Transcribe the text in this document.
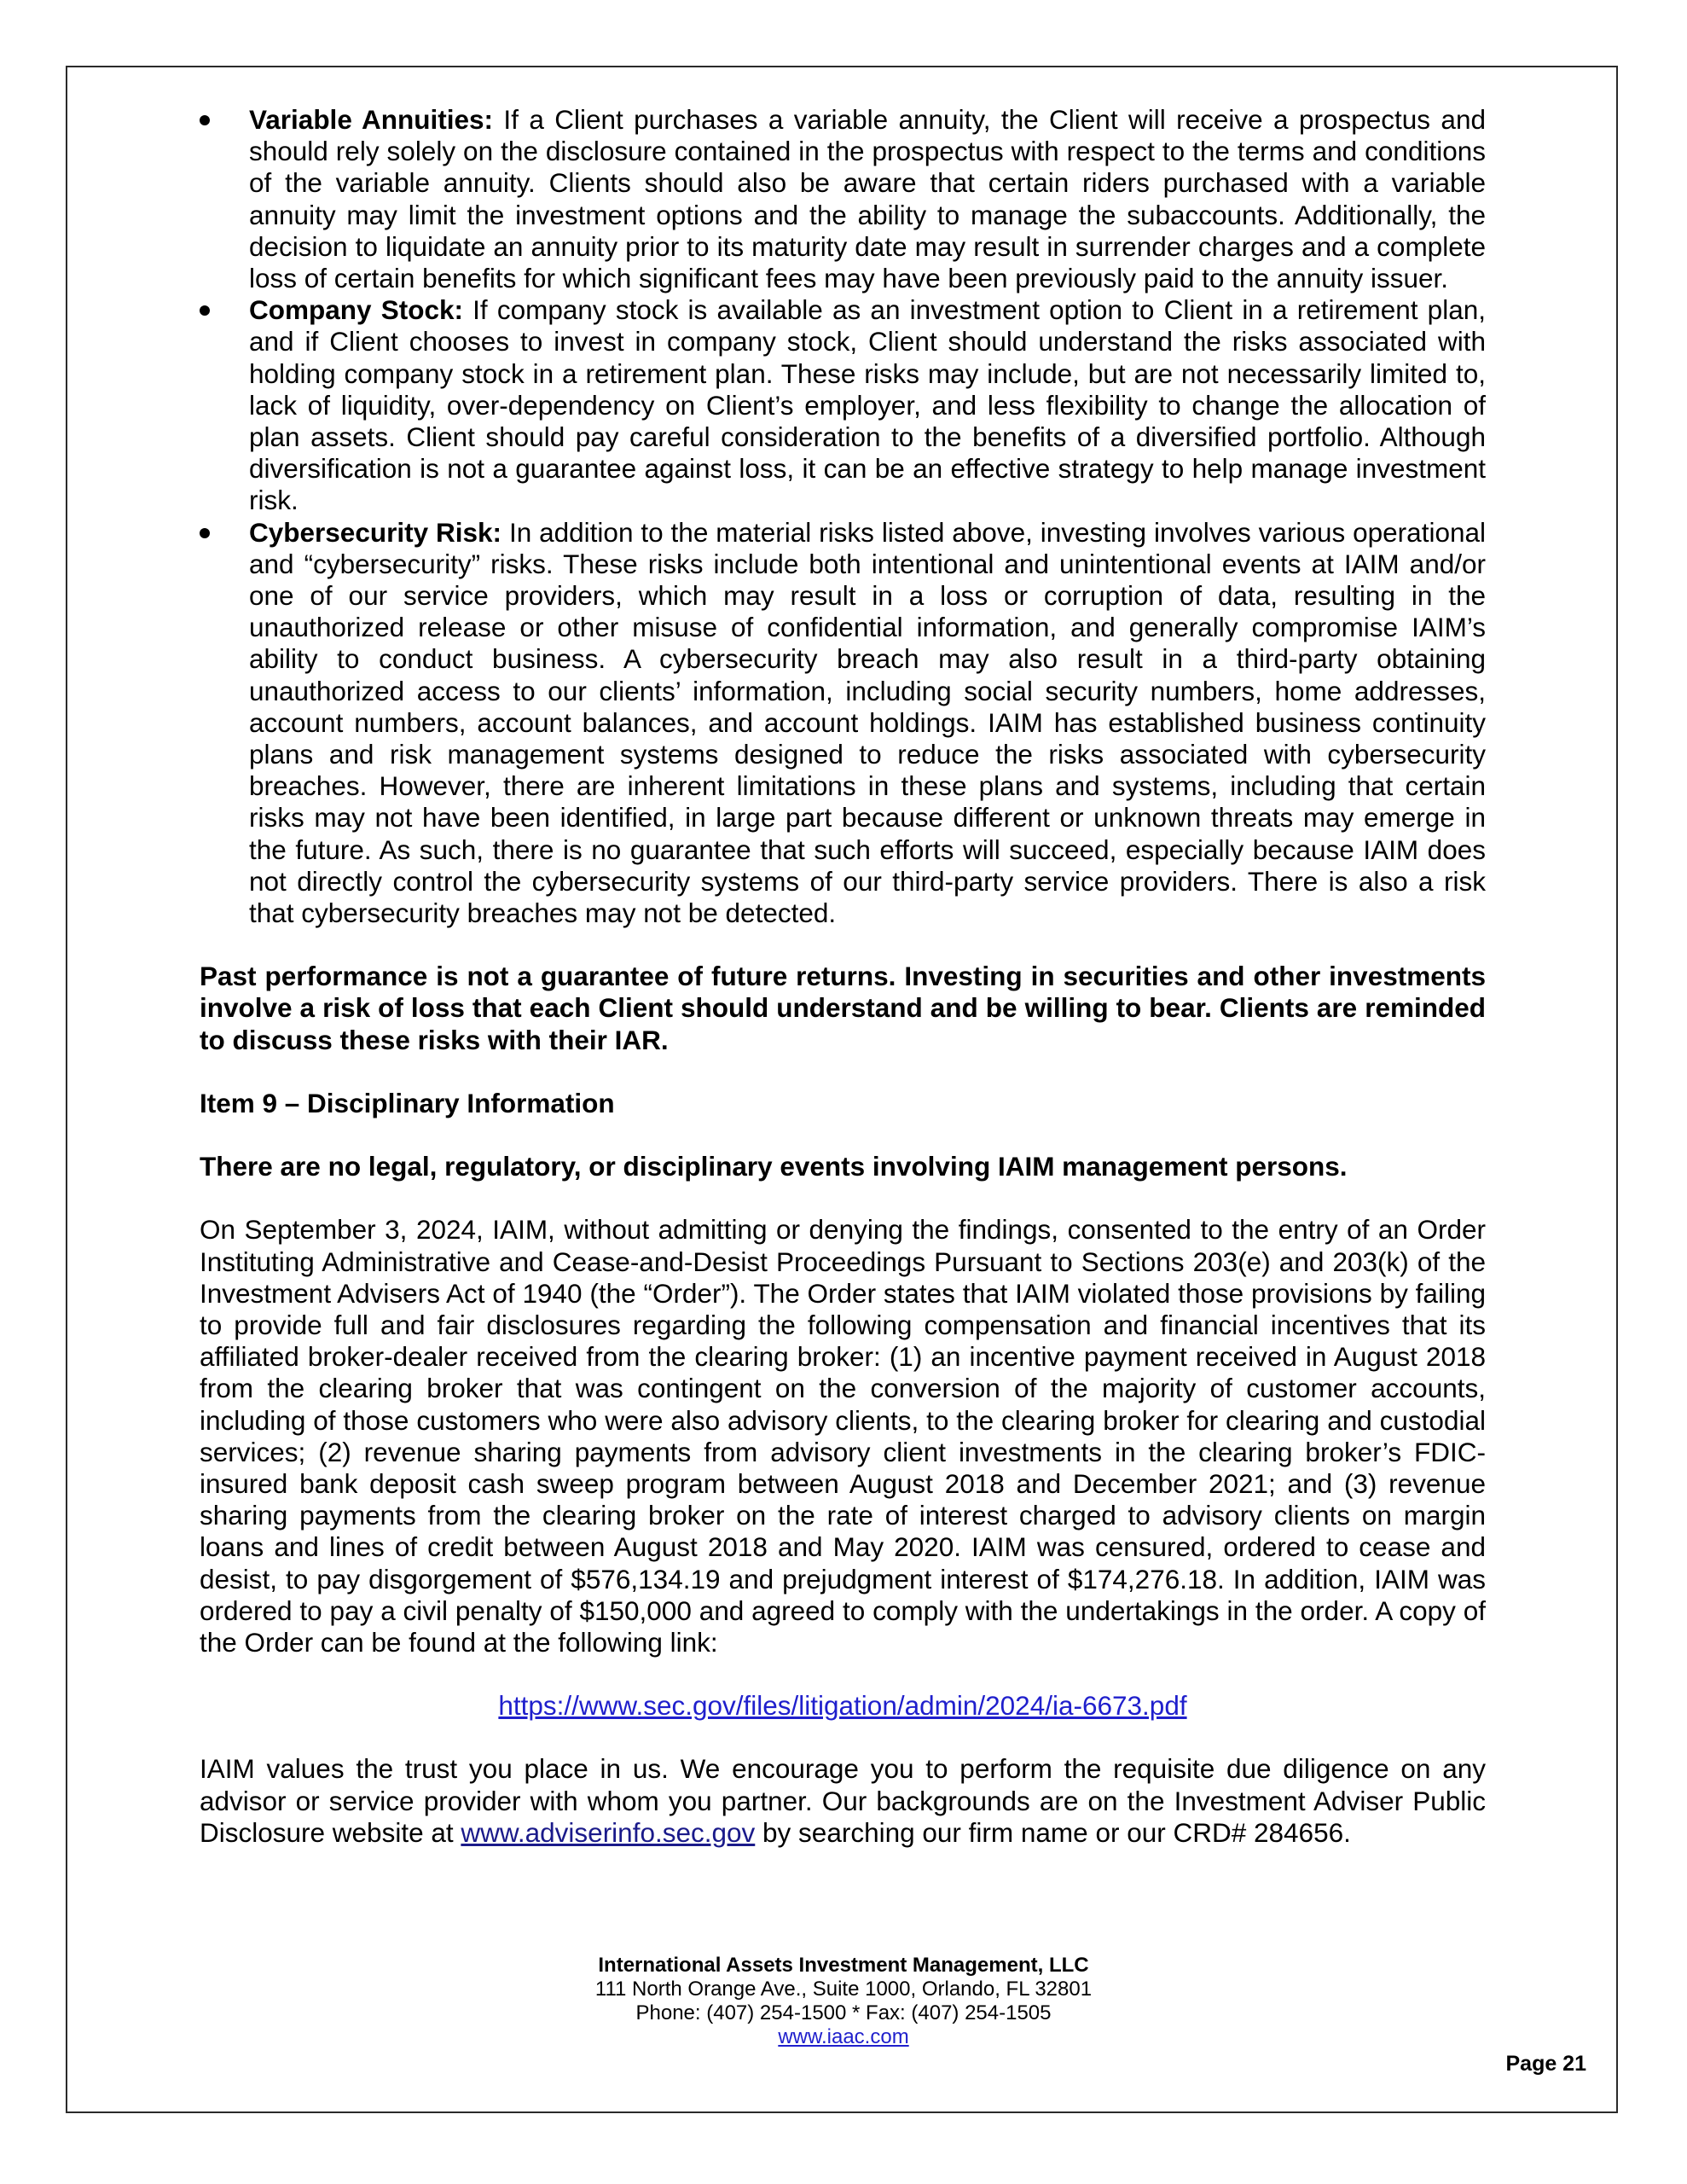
Variable Annuities: If a Client purchases a variable annuity, the Client will receive a prospectus and should rely solely on the disclosure contained in the prospectus with respect to the terms and conditions of the variable annuity. Clients should also be aware that certain riders purchased with a variable annuity may limit the investment options and the ability to manage the subaccounts. Additionally, the decision to liquidate an annuity prior to its maturity date may result in surrender charges and a complete loss of certain benefits for which significant fees may have been previously paid to the annuity issuer.
Company Stock: If company stock is available as an investment option to Client in a retirement plan, and if Client chooses to invest in company stock, Client should understand the risks associated with holding company stock in a retirement plan. These risks may include, but are not necessarily limited to, lack of liquidity, over-dependency on Client’s employer, and less flexibility to change the allocation of plan assets. Client should pay careful consideration to the benefits of a diversified portfolio. Although diversification is not a guarantee against loss, it can be an effective strategy to help manage investment risk.
Cybersecurity Risk: In addition to the material risks listed above, investing involves various operational and “cybersecurity” risks. These risks include both intentional and unintentional events at IAIM and/or one of our service providers, which may result in a loss or corruption of data, resulting in the unauthorized release or other misuse of confidential information, and generally compromise IAIM’s ability to conduct business. A cybersecurity breach may also result in a third-party obtaining unauthorized access to our clients’ information, including social security numbers, home addresses, account numbers, account balances, and account holdings. IAIM has established business continuity plans and risk management systems designed to reduce the risks associated with cybersecurity breaches. However, there are inherent limitations in these plans and systems, including that certain risks may not have been identified, in large part because different or unknown threats may emerge in the future. As such, there is no guarantee that such efforts will succeed, especially because IAIM does not directly control the cybersecurity systems of our third-party service providers. There is also a risk that cybersecurity breaches may not be detected.

Past performance is not a guarantee of future returns. Investing in securities and other investments involve a risk of loss that each Client should understand and be willing to bear. Clients are reminded to discuss these risks with their IAR.

Item 9 – Disciplinary Information

There are no legal, regulatory, or disciplinary events involving IAIM management persons.

On September 3, 2024, IAIM, without admitting or denying the findings, consented to the entry of an Order Instituting Administrative and Cease-and-Desist Proceedings Pursuant to Sections 203(e) and 203(k) of the Investment Advisers Act of 1940 (the “Order”). The Order states that IAIM violated those provisions by failing to provide full and fair disclosures regarding the following compensation and financial incentives that its affiliated broker-dealer received from the clearing broker: (1) an incentive payment received in August 2018 from the clearing broker that was contingent on the conversion of the majority of customer accounts, including of those customers who were also advisory clients, to the clearing broker for clearing and custodial services; (2) revenue sharing payments from advisory client investments in the clearing broker’s FDIC-insured bank deposit cash sweep program between August 2018 and December 2021; and (3) revenue sharing payments from the clearing broker on the rate of interest charged to advisory clients on margin loans and lines of credit between August 2018 and May 2020. IAIM was censured, ordered to cease and desist, to pay disgorgement of $576,134.19 and prejudgment interest of $174,276.18. In addition, IAIM was ordered to pay a civil penalty of $150,000 and agreed to comply with the undertakings in the order. A copy of the Order can be found at the following link:

https://www.sec.gov/files/litigation/admin/2024/ia-6673.pdf

IAIM values the trust you place in us. We encourage you to perform the requisite due diligence on any advisor or service provider with whom you partner. Our backgrounds are on the Investment Adviser Public Disclosure website at www.adviserinfo.sec.gov by searching our firm name or our CRD# 284656.

International Assets Investment Management, LLC
111 North Orange Ave., Suite 1000, Orlando, FL 32801
Phone: (407) 254-1500 * Fax: (407) 254-1505
www.iaac.com
Page 21
